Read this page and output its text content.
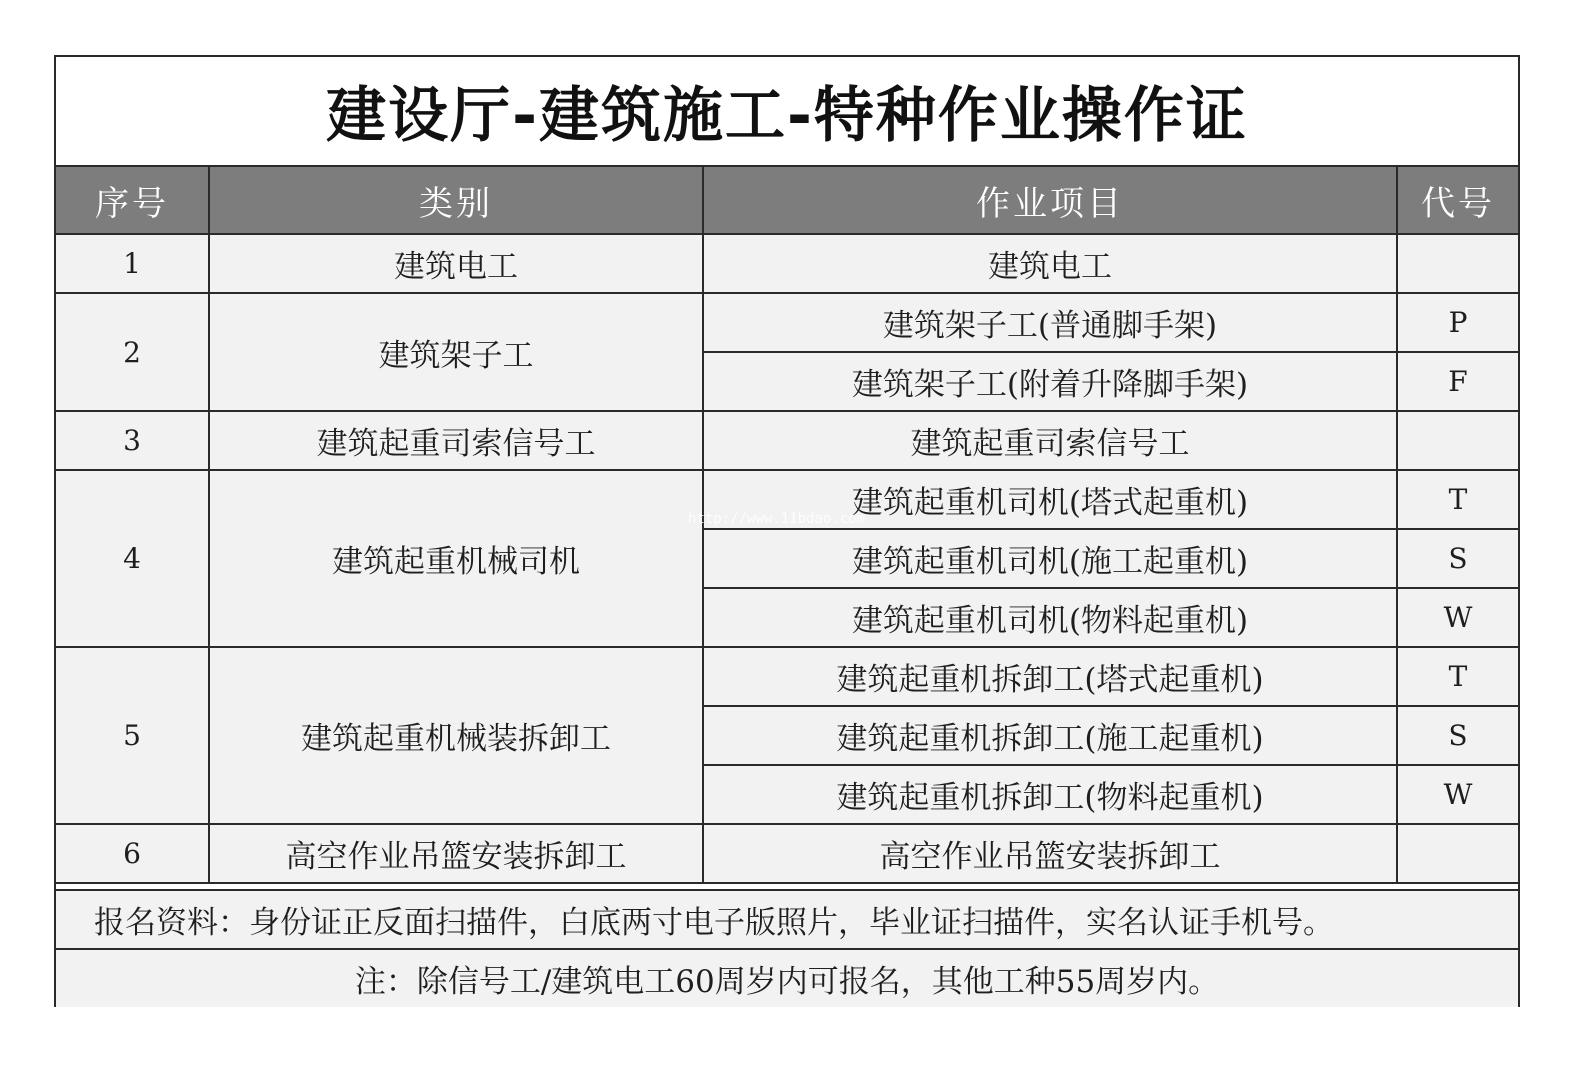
建设厅-建筑施工-特种作业操作证
序号	类别	作业项目	代号
1	建筑电工	建筑电工	
2	建筑架子工	建筑架子工(普通脚手架)	P
		建筑架子工(附着升降脚手架)	F
3	建筑起重司索信号工	建筑起重司索信号工	
4	建筑起重机械司机	建筑起重机司机(塔式起重机)	T
		建筑起重机司机(施工起重机)	S
		建筑起重机司机(物料起重机)	W
5	建筑起重机械装拆卸工	建筑起重机拆卸工(塔式起重机)	T
		建筑起重机拆卸工(施工起重机)	S
		建筑起重机拆卸工(物料起重机)	W
6	高空作业吊篮安装拆卸工	高空作业吊篮安装拆卸工	
报名资料：身份证正反面扫描件，白底两寸电子版照片，毕业证扫描件，实名认证手机号。
注：除信号工/建筑电工60周岁内可报名，其他工种55周岁内。
http://www.11bdao.com
